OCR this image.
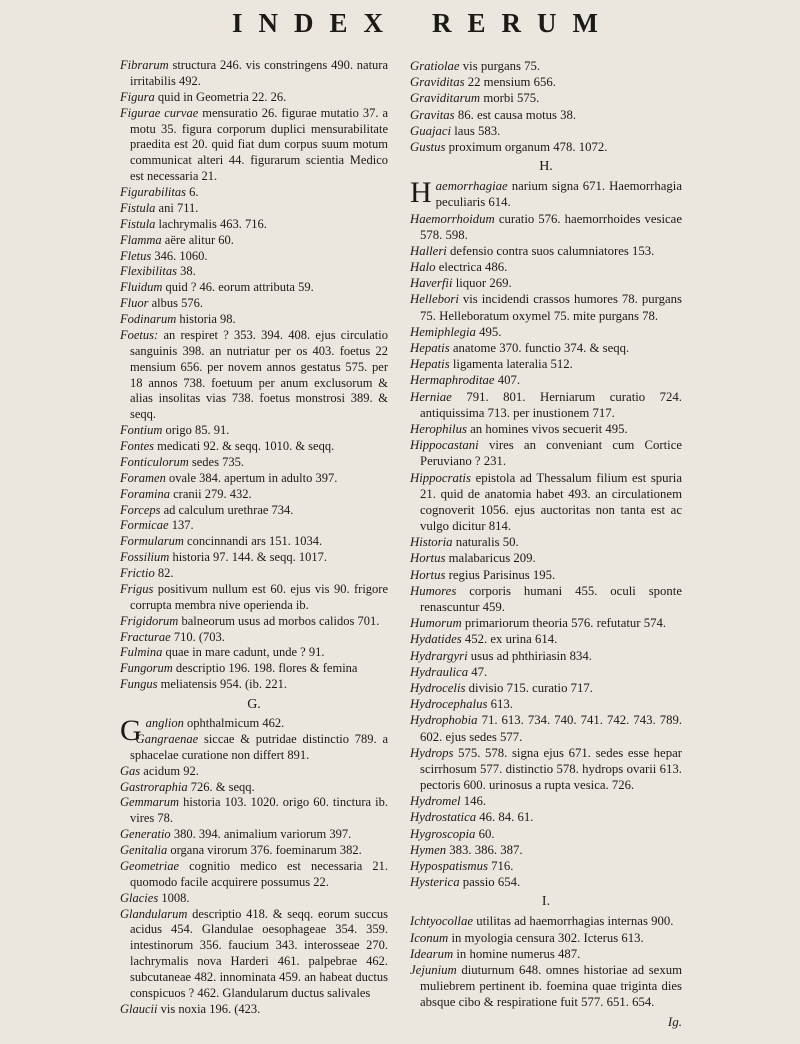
INDEX RERUM

Fibrarum structura 246. vis constringens 490. natura irritabilis 492.

Figura quid in Geometria 22. 26.

Figurae curvae mensuratio 26. figurae mutatio 37. a motu 35. figura corporum duplici mensurabilitate praedita est 20. quid fiat dum corpus suum motum communicat alteri 44. figurarum scientia Medico est necessaria 21.

Figurabilitas 6.

Fistula ani 711.

Fistula lachrymalis 463. 716.

Flamma aëre alitur 60.

Fletus 346. 1060.

Flexibilitas 38.

Fluidum quid ? 46. eorum attributa 59.

Fluor albus 576.

Fodinarum historia 98.

Foetus: an respiret ? 353. 394. 408. ejus circulatio sanguinis 398. an nutriatur per os 403. foetus 22 mensium 656. per novem annos gestatus 575. per 18 annos 738. foetuum per anum exclusorum & alias insolitas vias 738. foetus monstrosi 389. & seqq.

Fontium origo 85. 91.

Fontes medicati 92. & seqq. 1010. & seqq.

Fonticulorum sedes 735.

Foramen ovale 384. apertum in adulto 397.

Foramina cranii 279. 432.

Forceps ad calculum urethrae 734.

Formicae 137.

Formularum concinnandi ars 151. 1034.

Fossilium historia 97. 144. & seqq. 1017.

Frictio 82.

Frigus positivum nullum est 60. ejus vis 90. frigore corrupta membra nive operienda ib.

Frigidorum balneorum usus ad morbos calidos 701.

Fracturae 710. (703.

Fulmina quae in mare cadunt, unde ? 91.

Fungorum descriptio 196. 198. flores & femina

Fungus meliatensis 954. (ib. 221.

G.

Ganglion ophthalmicum 462.

Gangraenae siccae & putridae distinctio 789. a sphacelae curatione non differt 891.

Gas acidum 92.

Gastroraphia 726. & seqq.

Gemmarum historia 103. 1020. origo 60. tinctura ib. vires 78.

Generatio 380. 394. animalium variorum 397.

Genitalia organa virorum 376. foeminarum 382.

Geometriae cognitio medico est necessaria 21. quomodo facile acquirere possumus 22.

Glacies 1008.

Glandularum descriptio 418. & seqq. eorum succus acidus 454. Glandulae oesophageae 354. 359. intestinorum 356. faucium 343. interosseae 270. lachrymalis nova Harderi 461. palpebrae 462. subcutaneae 482. innominata 459. an habeat ductus conspicuos ? 462. Glandularum ductus salivales

Glaucii vis noxia 196. (423.

Gratiolae vis purgans 75.

Graviditas 22 mensium 656.

Graviditarum morbi 575.

Gravitas 86. est causa motus 38.

Guajaci laus 583.

Gustus proximum organum 478. 1072.

H.

Haemorrhagiae narium signa 671. Haemorrhagia peculiaris 614.

Haemorrhoidum curatio 576. haemorrhoides vesicae 578. 598.

Halleri defensio contra suos calumniatores 153.

Halo electrica 486.

Haverfii liquor 269.

Hellebori vis incidendi crassos humores 78. purgans 75. Helleboratum oxymel 75. mite purgans 78.

Hemiphlegia 495.

Hepatis anatome 370. functio 374. & seqq.

Hepatis ligamenta lateralia 512.

Hermaphroditae 407.

Herniae 791. 801. Herniarum curatio 724. antiquissima 713. per inustionem 717.

Herophilus an homines vivos secuerit 495.

Hippocastani vires an conveniant cum Cortice Peruviano ? 231.

Hippocratis epistola ad Thessalum filium est spuria 21. quid de anatomia habet 493. an circulationem cognoverit 1056. ejus auctoritas non tanta est ac vulgo dicitur 814.

Historia naturalis 50.

Hortus malabaricus 209.

Hortus regius Parisinus 195.

Humores corporis humani 455. oculi sponte renascuntur 459.

Humorum primariorum theoria 576. refutatur 574.

Hydatides 452. ex urina 614.

Hydrargyri usus ad phthiriasin 834.

Hydraulica 47.

Hydrocelis divisio 715. curatio 717.

Hydrocephalus 613.

Hydrophobia 71. 613. 734. 740. 741. 742. 743. 789. 602. ejus sedes 577.

Hydrops 575. 578. signa ejus 671. sedes esse hepar scirrhosum 577. distinctio 578. hydrops ovarii 613. pectoris 600. urinosus a rupta vesica. 726.

Hydromel 146.

Hydrostatica 46. 84. 61.

Hygroscopia 60.

Hymen 383. 386. 387.

Hypospatismus 716.

Hysterica passio 654.

I.

Ichtyocollae utilitas ad haemorrhagias internas 900.

Iconum in myologia censura 302. Icterus 613.

Idearum in homine numerus 487.

Jejunium diuturnum 648. omnes historiae ad sexum muliebrem pertinent ib. foemina quae triginta dies absque cibo & respiratione fuit 577. 651. 654.

Ig.
